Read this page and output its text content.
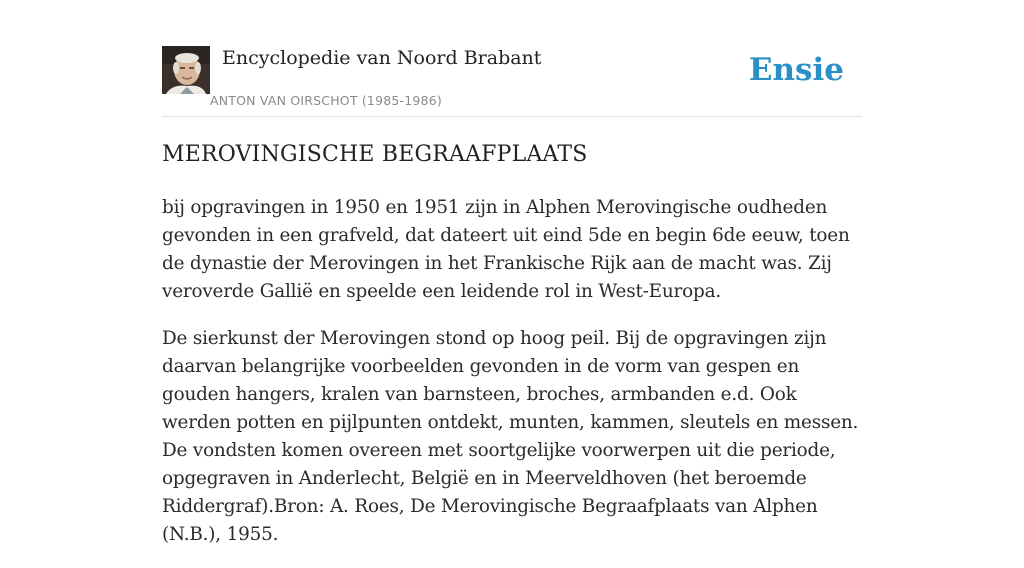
Encyclopedie van Noord Brabant
ANTON VAN OIRSCHOT (1985-1986)
Ensie
MEROVINGISCHE BEGRAAFPLAATS

bij opgravingen in 1950 en 1951 zijn in Alphen Merovingische oudheden gevonden in een grafveld, dat dateert uit eind 5de en begin 6de eeuw, toen de dynastie der Merovingen in het Frankische Rijk aan de macht was. Zij veroverde Gallië en speelde een leidende rol in West-Europa.

De sierkunst der Merovingen stond op hoog peil. Bij de opgravingen zijn daarvan belangrijke voorbeelden gevonden in de vorm van gespen en gouden hangers, kralen van barnsteen, broches, armbanden e.d. Ook werden potten en pijlpunten ontdekt, munten, kammen, sleutels en messen. De vondsten komen overeen met soortgelijke voorwerpen uit die periode, opgegraven in Anderlecht, België en in Meerveldhoven (het beroemde Riddergraf).Bron: A. Roes, De Merovingische Begraafplaats van Alphen (N.B.), 1955.
